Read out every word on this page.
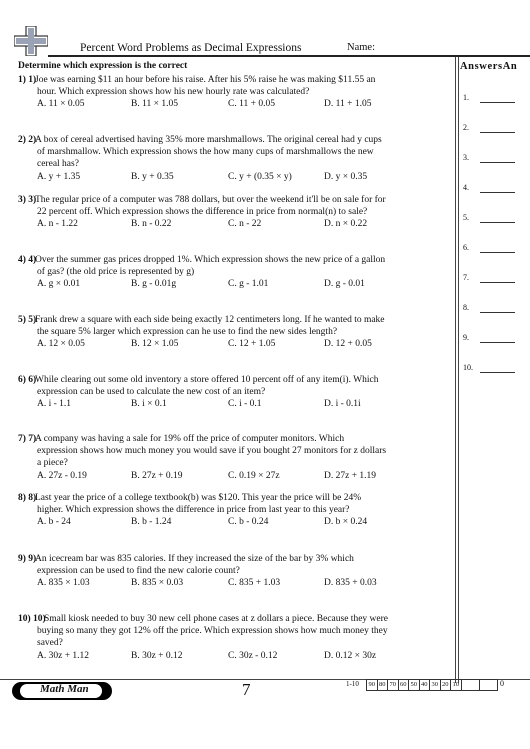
Percent Word Problems as Decimal Expressions	Name:
Determine which expression is the correct	AnswersAn
1.
2.
3.
4.
5.
6.
7.
8.
9.
10.
1) 1)
Joe was earning $11 an hour before his raise. After his 5% raise he was making $11.55 an
hour. Which expression shows how his new hourly rate was calculated?
A. 11 × 0.05	B. 11 × 1.05	C. 11 + 0.05	D. 11 + 1.05
2) 2)
A box of cereal advertised having 35% more marshmallows. The original cereal had y cups
of marshmallow. Which expression shows the how many cups of marshmallows the new
cereal has?
A. y + 1.35	B. y + 0.35	C. y + (0.35 × y)	D. y × 0.35
3) 3)
The regular price of a computer was 788 dollars, but over the weekend it'll be on sale for for
22 percent off. Which expression shows the difference in price from normal(n) to sale?
A. n - 1.22	B. n - 0.22	C. n - 22	D. n × 0.22
4) 4)
Over the summer gas prices dropped 1%. Which expression shows the new price of a gallon
of gas? (the old price is represented by g)
A. g × 0.01	B. g - 0.01g	C. g - 1.01	D. g - 0.01
5) 5)
Frank drew a square with each side being exactly 12 centimeters long. If he wanted to make
the square 5% larger which expression can he use to find the new sides length?
A. 12 × 0.05	B. 12 × 1.05	C. 12 + 1.05	D. 12 + 0.05
6) 6)
While clearing out some old inventory a store offered 10 percent off of any item(i). Which
expression can be used to calculate the new cost of an item?
A. i - 1.1	B. i × 0.1	C. i - 0.1	D. i - 0.1i
7) 7)
A company was having a sale for 19% off the price of computer monitors. Which
expression shows how much money you would save if you bought 27 monitors for z dollars
a piece?
A. 27z - 0.19	B. 27z + 0.19	C. 0.19 × 27z	D. 27z + 1.19
8) 8)
Last year the price of a college textbook(b) was $120. This year the price will be 24%
higher. Which expression shows the difference in price from last year to this year?
A. b - 24	B. b - 1.24	C. b - 0.24	D. b × 0.24
9) 9)
An icecream bar was 835 calories. If they increased the size of the bar by 3% which
expression can be used to find the new calorie count?
A. 835 × 1.03	B. 835 × 0.03	C. 835 + 1.03	D. 835 + 0.03
10) 10)
Small kiosk needed to buy 30 new cell phone cases at z dollars a piece. Because they were
buying so many they got 12% off the price. Which expression shows how much money they
saved?
A. 30z + 1.12	B. 30z + 0.12	C. 30z - 0.12	D. 0.12 × 30z
Math Man	7	1-10 90 80 70 60 50 40 30 20 10	0
